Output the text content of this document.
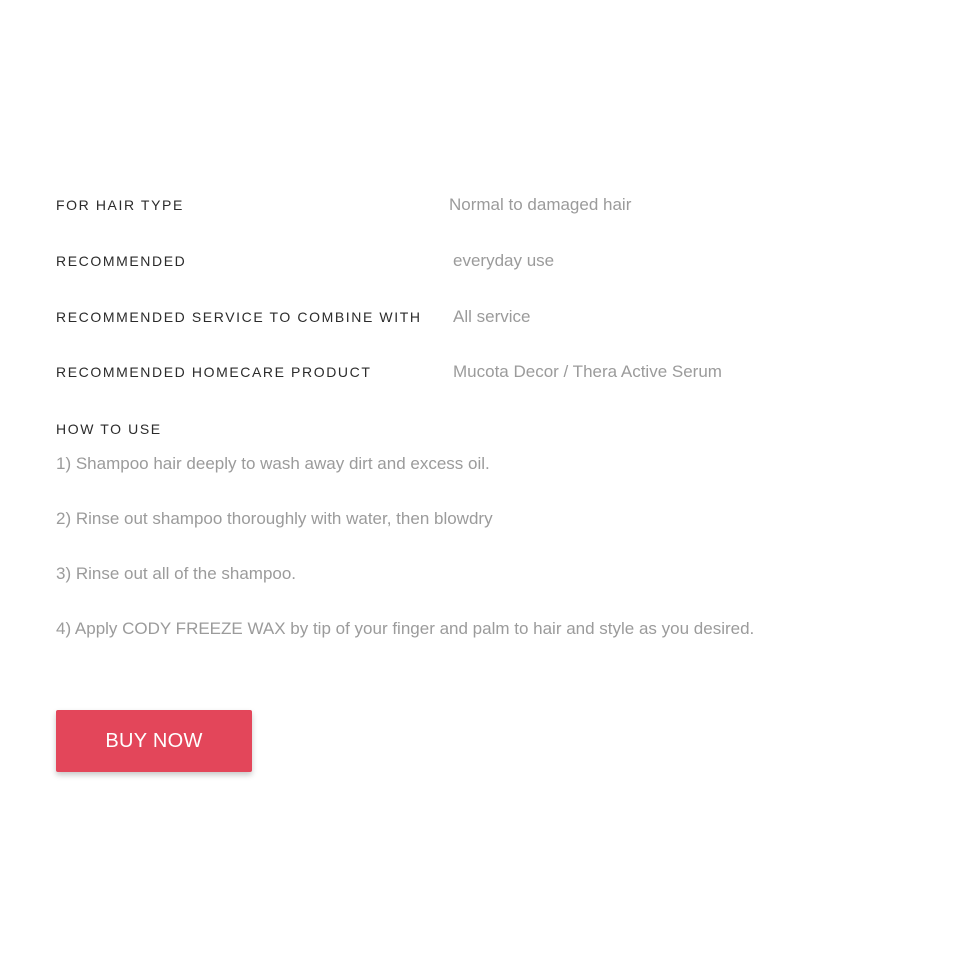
FOR HAIR TYPE	Normal to damaged hair
RECOMMENDED	everyday use
RECOMMENDED SERVICE TO COMBINE WITH All service
RECOMMENDED HOMECARE PRODUCT	Mucota Decor / Thera Active Serum
HOW TO USE
1) Shampoo hair deeply to wash away dirt and excess oil.
2) Rinse out shampoo thoroughly with water, then blowdry
3) Rinse out all of the shampoo.
4) Apply CODY FREEZE WAX by tip of your finger and palm to hair and style as you desired.
BUY NOW
